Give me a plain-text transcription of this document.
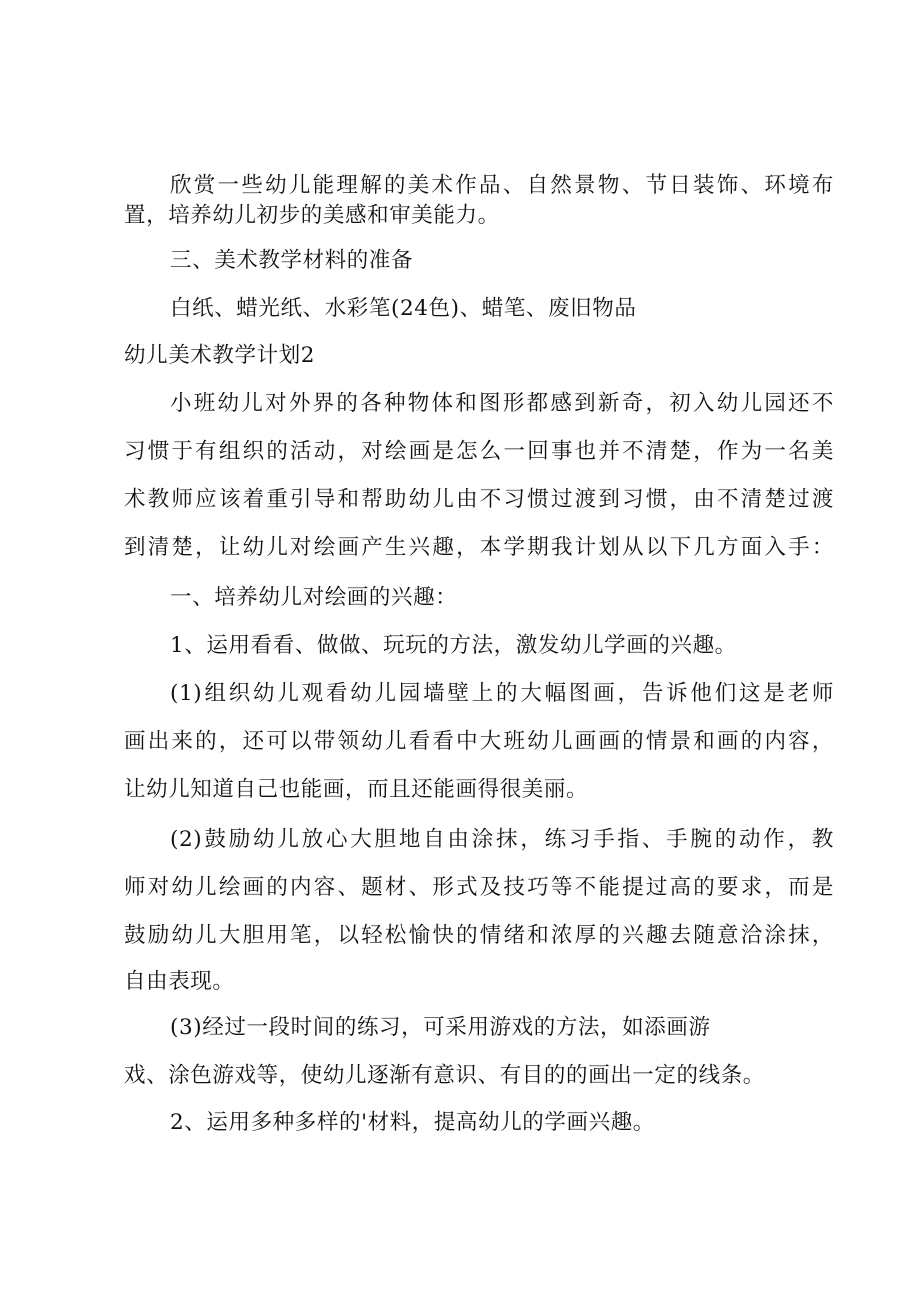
欣赏一些幼儿能理解的美术作品、自然景物、节日装饰、环境布
置，培养幼儿初步的美感和审美能力。
三、美术教学材料的准备
白纸、蜡光纸、水彩笔(24色)、蜡笔、废旧物品
幼儿美术教学计划2
小班幼儿对外界的各种物体和图形都感到新奇，初入幼儿园还不
习惯于有组织的活动，对绘画是怎么一回事也并不清楚，作为一名美
术教师应该着重引导和帮助幼儿由不习惯过渡到习惯，由不清楚过渡
到清楚，让幼儿对绘画产生兴趣，本学期我计划从以下几方面入手：
一、培养幼儿对绘画的兴趣：
1、运用看看、做做、玩玩的方法，激发幼儿学画的兴趣。
(1)组织幼儿观看幼儿园墙壁上的大幅图画，告诉他们这是老师
画出来的，还可以带领幼儿看看中大班幼儿画画的情景和画的内容，
让幼儿知道自己也能画，而且还能画得很美丽。
(2)鼓励幼儿放心大胆地自由涂抹，练习手指、手腕的动作，教
师对幼儿绘画的内容、题材、形式及技巧等不能提过高的要求，而是
鼓励幼儿大胆用笔，以轻松愉快的情绪和浓厚的兴趣去随意洽涂抹，
自由表现。
(3)经过一段时间的练习，可采用游戏的方法，如添画游
戏、涂色游戏等，使幼儿逐渐有意识、有目的的画出一定的线条。
2、运用多种多样的'材料，提高幼儿的学画兴趣。
